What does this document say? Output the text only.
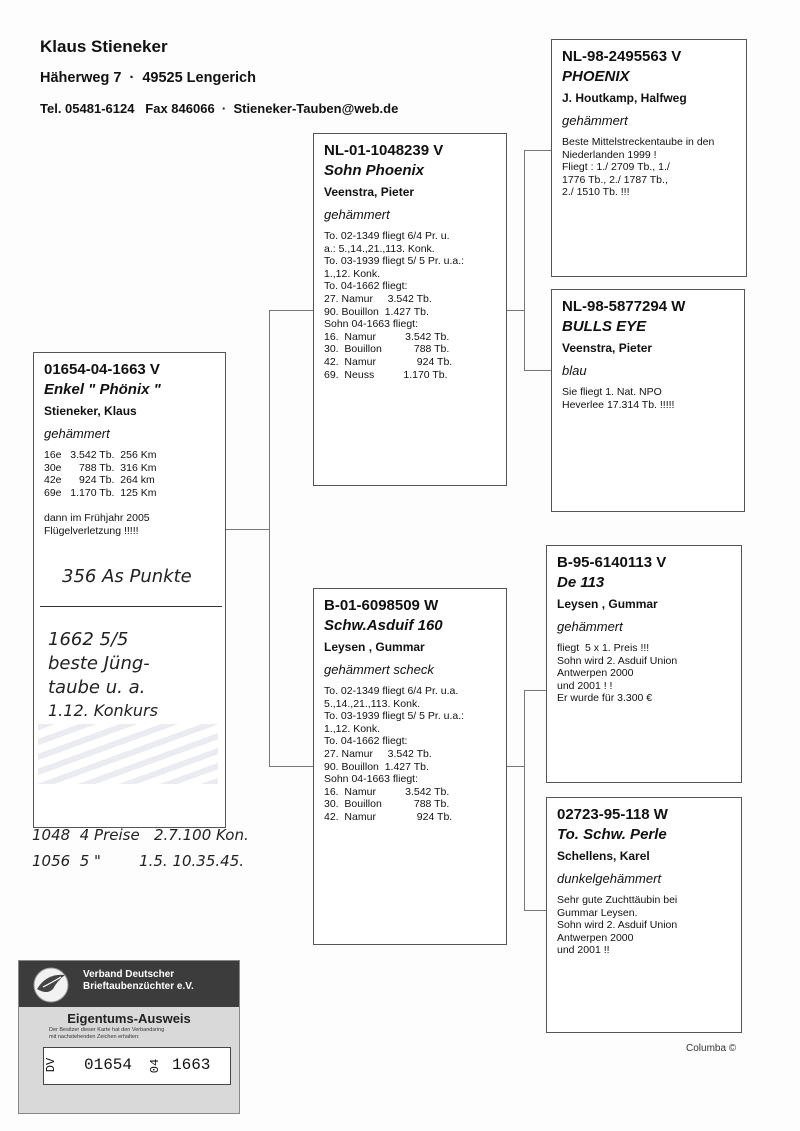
Klaus Stieneker
Häherweg 7  ·  49525 Lengerich
Tel. 05481-6124   Fax 846066  ·  Stieneker-Tauben@web.de
01654-04-1663 V
Enkel " Phönix "
Stieneker, Klaus
gehämmert
16e   3.542 Tb.  256 Km
30e      788 Tb.  316 Km
42e      924 Tb.  264 km
69e   1.170 Tb.  125 Km

dann im Frühjahr 2005
Flügelverletzung !!!!!
356 As Punkte
1662 5/5
beste Jüng-
taube u. a.
1.12. Konkurs
1048  4 Preise   2.7.100 Kon.
1056  5 "        1.5. 10.35.45.
NL-01-1048239 V
Sohn Phoenix
Veenstra, Pieter
gehämmert
To. 02-1349 fliegt 6/4 Pr. u.
a.: 5.,14.,21.,113. Konk.
To. 03-1939 fliegt 5/ 5 Pr. u.a.:
1.,12. Konk.
To. 04-1662 fliegt:
27. Namur     3.542 Tb.
90. Bouillon  1.427 Tb.
Sohn 04-1663 fliegt:
16.  Namur          3.542 Tb.
30.  Bouillon           788 Tb.
42.  Namur              924 Tb.
69.  Neuss          1.170 Tb.
B-01-6098509 W
Schw.Asduif 160
Leysen , Gummar
gehämmert scheck
To. 02-1349 fliegt 6/4 Pr. u.a.
5.,14.,21.,113. Konk.
To. 03-1939 fliegt 5/ 5 Pr. u.a.:
1.,12. Konk.
To. 04-1662 fliegt:
27. Namur     3.542 Tb.
90. Bouillon  1.427 Tb.
Sohn 04-1663 fliegt:
16.  Namur          3.542 Tb.
30.  Bouillon           788 Tb.
42.  Namur              924 Tb.
NL-98-2495563 V
PHOENIX
J. Houtkamp, Halfweg
gehämmert
Beste Mittelstreckentaube in den
Niederlanden 1999 !
Fliegt : 1./ 2709 Tb., 1./
1776 Tb., 2./ 1787 Tb.,
2./ 1510 Tb. !!!
NL-98-5877294 W
BULLS EYE
Veenstra, Pieter
blau
Sie fliegt 1. Nat. NPO
Heverlee 17.314 Tb. !!!!!
B-95-6140113 V
De 113
Leysen , Gummar
gehämmert
fliegt  5 x 1. Preis !!!
Sohn wird 2. Asduif Union
Antwerpen 2000
und 2001 ! !
Er wurde für 3.300 €
02723-95-118 W
To. Schw. Perle
Schellens, Karel
dunkelgehämmert
Sehr gute Zuchttäubin bei
Gummar Leysen.
Sohn wird 2. Asduif Union
Antwerpen 2000
und 2001 !!
Verband Deutscher
Brieftaubenzüchter e.V.
Eigentums-Ausweis
Der Besitzer dieser Karte hat den Verbandsring
mit nachstehenden Zeichen erhalten:
DV 01654 04 1663
Columba ©
